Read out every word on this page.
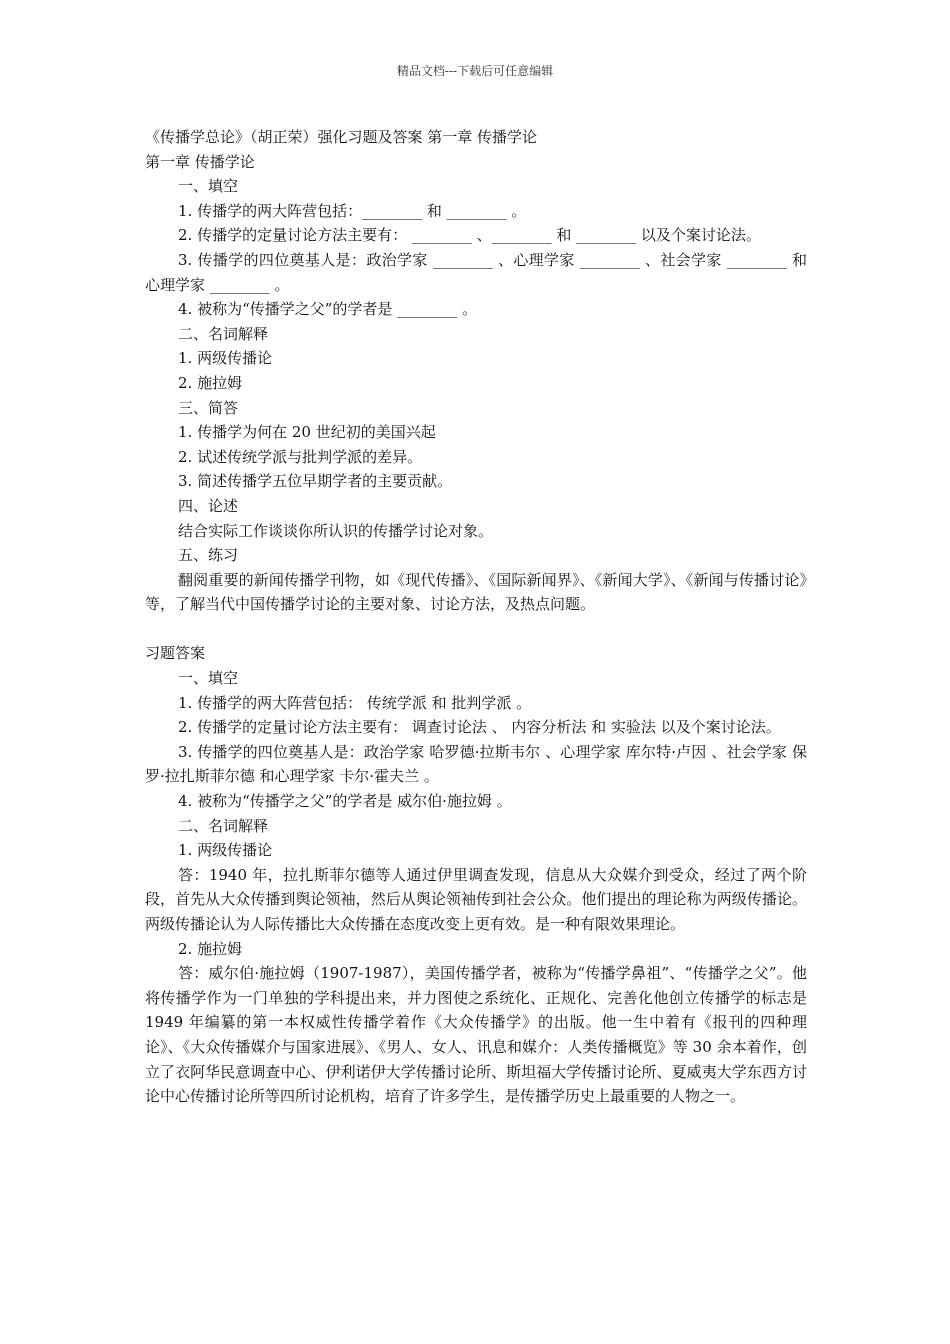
精品文档---下载后可任意编辑

《传播学总论》（胡正荣）强化习题及答案 第一章 传播学论

第一章 传播学论

一、填空

1. 传播学的两大阵营包括：________ 和 ________ 。

2. 传播学的定量讨论方法主要有： ________ 、________ 和 ________ 以及个案讨论法。

3. 传播学的四位奠基人是：政治学家 ________ 、心理学家 ________ 、社会学家 ________ 和心理学家 ________ 。

4. 被称为“传播学之父”的学者是 ________ 。

二、名词解释

1. 两级传播论

2. 施拉姆

三、简答

1. 传播学为何在 20 世纪初的美国兴起

2. 试述传统学派与批判学派的差异。

3. 简述传播学五位早期学者的主要贡献。

四、论述

结合实际工作谈谈你所认识的传播学讨论对象。

五、练习

翻阅重要的新闻传播学刊物，如《现代传播》、《国际新闻界》、《新闻大学》、《新闻与传播讨论》等，了解当代中国传播学讨论的主要对象、讨论方法，及热点问题。

习题答案

一、填空

1. 传播学的两大阵营包括： 传统学派 和 批判学派 。

2. 传播学的定量讨论方法主要有： 调查讨论法 、 内容分析法 和 实验法 以及个案讨论法。

3. 传播学的四位奠基人是：政治学家 哈罗德·拉斯韦尔 、心理学家 库尔特·卢因 、社会学家 保罗·拉扎斯菲尔德 和心理学家 卡尔·霍夫兰 。

4. 被称为“传播学之父”的学者是 威尔伯·施拉姆 。

二、名词解释

1. 两级传播论

答：1940 年，拉扎斯菲尔德等人通过伊里调查发现，信息从大众媒介到受众，经过了两个阶段，首先从大众传播到舆论领袖，然后从舆论领袖传到社会公众。他们提出的理论称为两级传播论。两级传播论认为人际传播比大众传播在态度改变上更有效。是一种有限效果理论。

2. 施拉姆

答：威尔伯·施拉姆（1907-1987），美国传播学者，被称为“传播学鼻祖”、“传播学之父”。他将传播学作为一门单独的学科提出来，并力图使之系统化、正规化、完善化他创立传播学的标志是 1949 年编纂的第一本权威性传播学着作《大众传播学》的出版。他一生中着有《报刊的四种理论》、《大众传播媒介与国家进展》、《男人、女人、讯息和媒介：人类传播概览》等 30 余本着作，创立了衣阿华民意调查中心、伊利诺伊大学传播讨论所、斯坦福大学传播讨论所、夏威夷大学东西方讨论中心传播讨论所等四所讨论机构，培育了许多学生，是传播学历史上最重要的人物之一。
